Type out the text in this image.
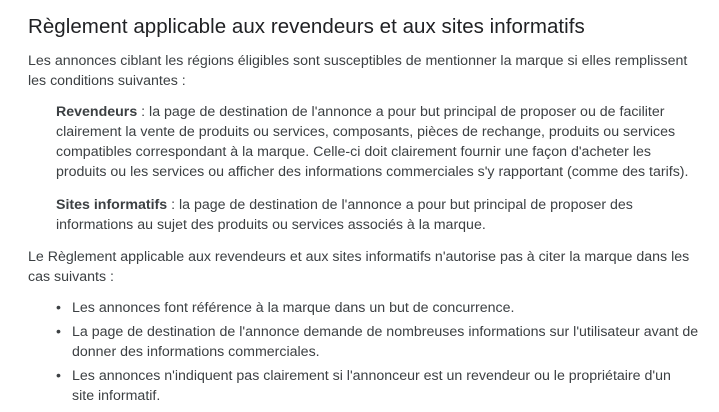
Règlement applicable aux revendeurs et aux sites informatifs

Les annonces ciblant les régions éligibles sont susceptibles de mentionner la marque si elles remplissent les conditions suivantes :

Revendeurs : la page de destination de l'annonce a pour but principal de proposer ou de faciliter clairement la vente de produits ou services, composants, pièces de rechange, produits ou services compatibles correspondant à la marque. Celle-ci doit clairement fournir une façon d'acheter les produits ou les services ou afficher des informations commerciales s'y rapportant (comme des tarifs).

Sites informatifs : la page de destination de l'annonce a pour but principal de proposer des informations au sujet des produits ou services associés à la marque.

Le Règlement applicable aux revendeurs et aux sites informatifs n'autorise pas à citer la marque dans les cas suivants :

• Les annonces font référence à la marque dans un but de concurrence.
• La page de destination de l'annonce demande de nombreuses informations sur l'utilisateur avant de donner des informations commerciales.
• Les annonces n'indiquent pas clairement si l'annonceur est un revendeur ou le propriétaire d'un site informatif.
